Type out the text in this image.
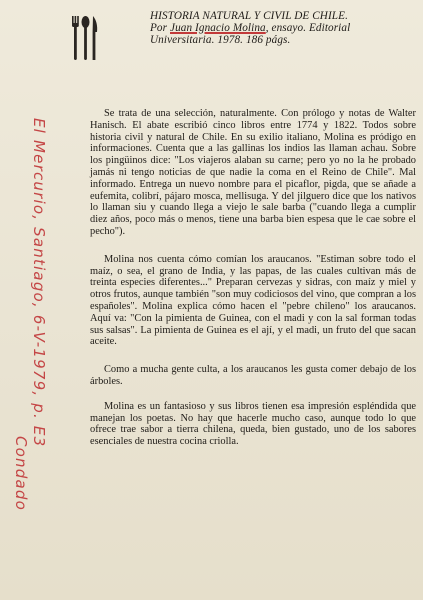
HISTORIA NATURAL Y CIVIL DE CHILE.
Por Juan Ignacio Molina, ensayo. Editorial Universitaria. 1978. 186 págs.

Se trata de una selección, naturalmente. Con prólogo y notas de Walter Hanisch. El abate escribió cinco libros entre 1774 y 1822. Todos sobre historia civil y natural de Chile. En su exilio italiano, Molina es pródigo en informaciones. Cuenta que a las gallinas los indios las llaman achau. Sobre los pingüinos dice: "Los viajeros alaban su carne; pero yo no la he probado jamás ni tengo noticias de que nadie la coma en el Reino de Chile". Mal informado. Entrega un nuevo nombre para el picaflor, pigda, que se añade a eufemita, colibrí, pájaro mosca, mellisuga. Y del jilguero dice que los nativos lo llaman siu y cuando llega a viejo le sale barba ("cuando llega a cumplir diez años, poco más o menos, tiene una barba bien espesa que le cae sobre el pecho").

Molina nos cuenta cómo comían los araucanos. "Estiman sobre todo el maíz, o sea, el grano de India, y las papas, de las cuales cultivan más de treinta especies diferentes..." Preparan cervezas y sidras, con maíz y miel y otros frutos, aunque también "son muy codiciosos del vino, que compran a los españoles". Molina explica cómo hacen el "pebre chileno" los araucanos. Aquí va: "Con la pimienta de Guinea, con el madi y con la sal forman todas sus salsas". La pimienta de Guinea es el ají, y el madi, un fruto del que sacan aceite.

Como a mucha gente culta, a los araucanos les gusta comer debajo de los árboles.

Molina es un fantasioso y sus libros tienen esa impresión espléndida que manejan los poetas. No hay que hacerle mucho caso, aunque todo lo que ofrece trae sabor a tierra chilena, queda, bien gustado, uno de los sabores esenciales de nuestra cocina criolla.

El Mercurio, Santiago, 6-V-1979, p. E3
Condado
